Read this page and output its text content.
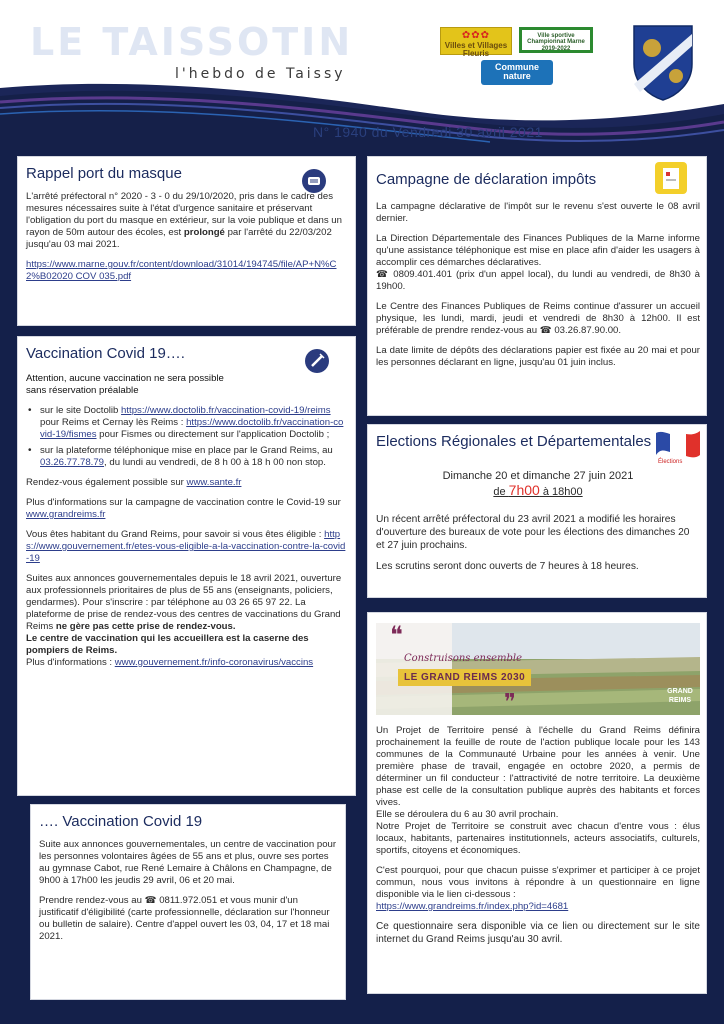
LE TAISSOTIN
l'hebdo de Taissy
N° 1940 du Vendredi 30 avril 2021
✿✿✿
Villes et Villages Fleuris
Ville sportive Championnat Marne 2019-2022
Commune nature
Rappel port du masque

L'arrêté préfectoral n° 2020 - 3 - 0 du 29/10/2020, pris dans le cadre des mesures nécessaires suite à l'état d'urgence sanitaire et préservant l'obligation du port du masque en extérieur, sur la voie publique et dans un rayon de 50m autour des écoles, est prolongé par l'arrêté du 22/03/202
jusqu'au 03 mai 2021.

https://www.marne.gouv.fr/content/download/31014/194745/file/AP+N%C2%B02020 COV 035.pdf

Vaccination Covid 19….

Attention, aucune vaccination ne sera possible
sans réservation préalable

• sur le site Doctolib https://www.doctolib.fr/vaccination-covid-19/reims pour Reims et Cernay lès Reims : https://www.doctolib.fr/vaccination-covid-19/fismes pour Fismes ou directement sur l'application Doctolib ;
• sur la plateforme téléphonique mise en place par le Grand Reims, au 03.26.77.78.79, du lundi au vendredi, de 8 h 00 à 18 h 00 non stop.

Rendez-vous également possible sur www.sante.fr

Plus d'informations sur la campagne de vaccination contre le Covid-19 sur www.grandreims.fr

Vous êtes habitant du Grand Reims, pour savoir si vous êtes éligible : https://www.gouvernement.fr/etes-vous-eligible-a-la-vaccination-contre-la-covid-19

Suites aux annonces gouvernementales depuis le 18 avril 2021, ouverture aux professionnels prioritaires de plus de 55 ans (enseignants, policiers, gendarmes). Pour s'inscrire : par téléphone au 03 26 65 97 22. La plateforme de prise de rendez-vous des centres de vaccinations du Grand Reims ne gère pas cette prise de rendez-vous.

Le centre de vaccination qui les accueillera est la caserne des pompiers de Reims.

Plus d'informations : www.gouvernement.fr/info-coronavirus/vaccins

…. Vaccination Covid 19

Suite aux annonces gouvernementales, un centre de vaccination pour les personnes volontaires âgées de 55 ans et plus, ouvre ses portes au gymnase Cabot, rue René Lemaire à Châlons en Champagne, de 9h00 à 17h00 les jeudis 29 avril, 06 et 20 mai.

Prendre rendez-vous au ☎ 0811.972.051 et vous munir d'un justificatif d'éligibilité (carte professionnelle, déclaration sur l'honneur ou bulletin de salaire). Centre d'appel ouvert les 03, 04, 17 et 18 mai 2021.

Campagne de déclaration impôts

La campagne déclarative de l'impôt sur le revenu s'est ouverte le 08 avril dernier.

La Direction Départementale des Finances Publiques de la Marne informe qu'une assistance téléphonique est mise en place afin d'aider les usagers à accomplir ces démarches déclaratives.
☎ 0809.401.401 (prix d'un appel local), du lundi au vendredi, de 8h30 à 19h00.

Le Centre des Finances Publiques de Reims continue d'assurer un accueil physique, les lundi, mardi, jeudi et vendredi de 8h30 à 12h00. Il est préférable de prendre rendez-vous au ☎ 03.26.87.90.00.

La date limite de dépôts des déclarations papier est fixée au 20 mai et pour les personnes déclarant en ligne, jusqu'au 01 juin inclus.

Elections Régionales et Départementales
Élections

Dimanche 20 et dimanche 27 juin 2021
de 7h00 à 18h00

Un récent arrêté préfectoral du 23 avril 2021 a modifié les horaires d'ouverture des bureaux de vote pour les élections des dimanches 20 et 27 juin prochains.

Les scrutins seront donc ouverts de 7 heures à 18 heures.

❝
❞
Construisons ensemble
LE GRAND REIMS 2030
GRAND REIMS

Un Projet de Territoire pensé à l'échelle du Grand Reims définira prochainement la feuille de route de l'action publique locale pour les 143 communes de la Communauté Urbaine pour les années à venir. Une première phase de travail, engagée en octobre 2020, a permis de déterminer un fil conducteur : l'attractivité de notre territoire. La deuxième phase est celle de la consultation publique auprès des habitants et forces vives.

Elle se déroulera du 6 au 30 avril prochain.

Notre Projet de Territoire se construit avec chacun d'entre vous : élus locaux, habitants, partenaires institutionnels, acteurs associatifs, culturels, sportifs, citoyens et économiques.

C'est pourquoi, pour que chacun puisse s'exprimer et participer à ce projet commun, nous vous invitons à répondre à un questionnaire en ligne disponible via le lien ci-dessous :
https://www.grandreims.fr/index.php?id=4681

Ce questionnaire sera disponible via ce lien ou directement sur le site internet du Grand Reims jusqu'au 30 avril.
